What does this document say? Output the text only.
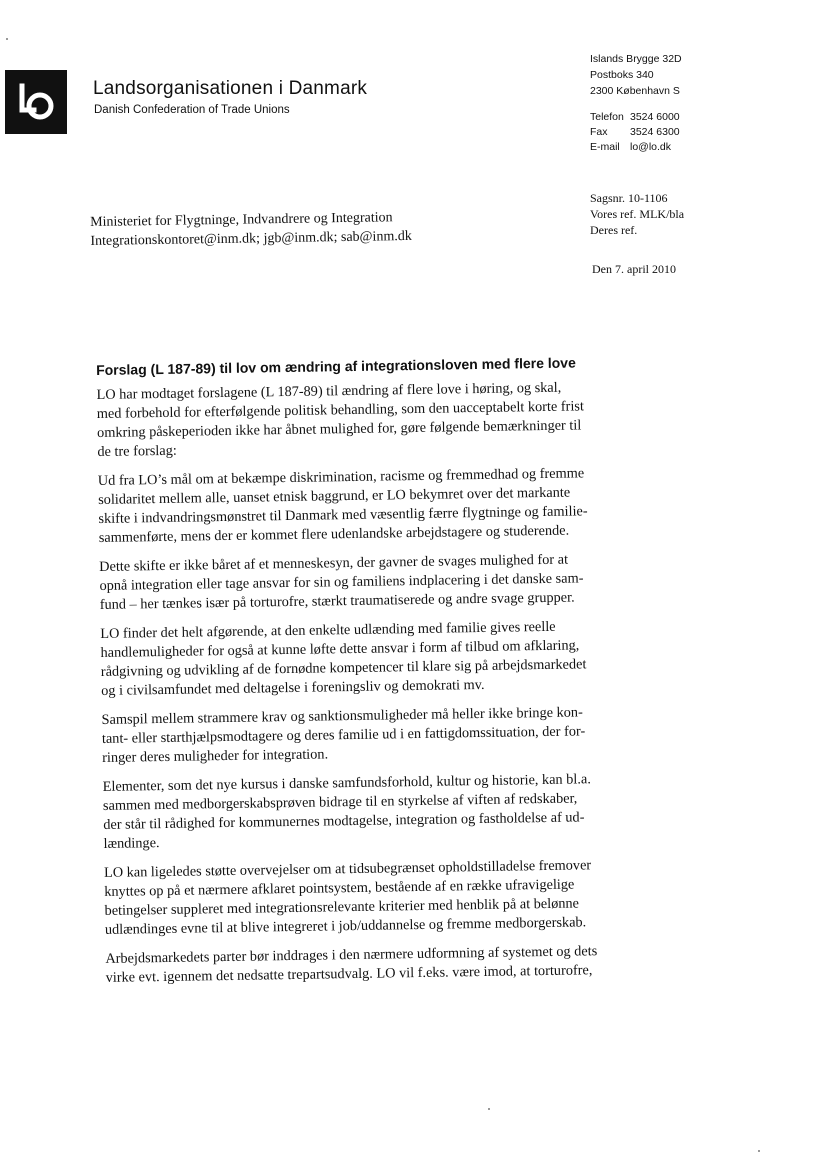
Landsorganisationen i Danmark
Danish Confederation of Trade Unions
Islands Brygge 32D
Postboks 340
2300 København S
Telefon 3524 6000
Fax 3524 6300
E-mail lo@lo.dk
Sagsnr. 10-1106
Vores ref. MLK/bla
Deres ref.
Den 7. april 2010
Ministeriet for Flygtninge, Indvandrere og Integration
Integrationskontoret@inm.dk; jgb@inm.dk; sab@inm.dk
Forslag (L 187-89) til lov om ændring af integrationsloven med flere love

LO har modtaget forslagene (L 187-89) til ændring af flere love i høring, og skal,
med forbehold for efterfølgende politisk behandling, som den uacceptabelt korte frist
omkring påskeperioden ikke har åbnet mulighed for, gøre følgende bemærkninger til
de tre forslag:

Ud fra LO’s mål om at bekæmpe diskrimination, racisme og fremmedhad og fremme
solidaritet mellem alle, uanset etnisk baggrund, er LO bekymret over det markante
skifte i indvandringsmønstret til Danmark med væsentlig færre flygtninge og familie-
sammenførte, mens der er kommet flere udenlandske arbejdstagere og studerende.

Dette skifte er ikke båret af et menneskesyn, der gavner de svages mulighed for at
opnå integration eller tage ansvar for sin og familiens indplacering i det danske sam-
fund – her tænkes især på torturofre, stærkt traumatiserede og andre svage grupper.

LO finder det helt afgørende, at den enkelte udlænding med familie gives reelle
handlemuligheder for også at kunne løfte dette ansvar i form af tilbud om afklaring,
rådgivning og udvikling af de fornødne kompetencer til klare sig på arbejdsmarkedet
og i civilsamfundet med deltagelse i foreningsliv og demokrati mv.

Samspil mellem strammere krav og sanktionsmuligheder må heller ikke bringe kon-
tant- eller starthjælpsmodtagere og deres familie ud i en fattigdomssituation, der for-
ringer deres muligheder for integration.

Elementer, som det nye kursus i danske samfundsforhold, kultur og historie, kan bl.a.
sammen med medborgerskabsprøven bidrage til en styrkelse af viften af redskaber,
der står til rådighed for kommunernes modtagelse, integration og fastholdelse af ud-
lændinge.

LO kan ligeledes støtte overvejelser om at tidsubegrænset opholdstilladelse fremover
knyttes op på et nærmere afklaret pointsystem, bestående af en række ufravigelige
betingelser suppleret med integrationsrelevante kriterier med henblik på at belønne
udlændinges evne til at blive integreret i job/uddannelse og fremme medborgerskab.

Arbejdsmarkedets parter bør inddrages i den nærmere udformning af systemet og dets
virke evt. igennem det nedsatte trepartsudvalg. LO vil f.eks. være imod, at torturofre,
